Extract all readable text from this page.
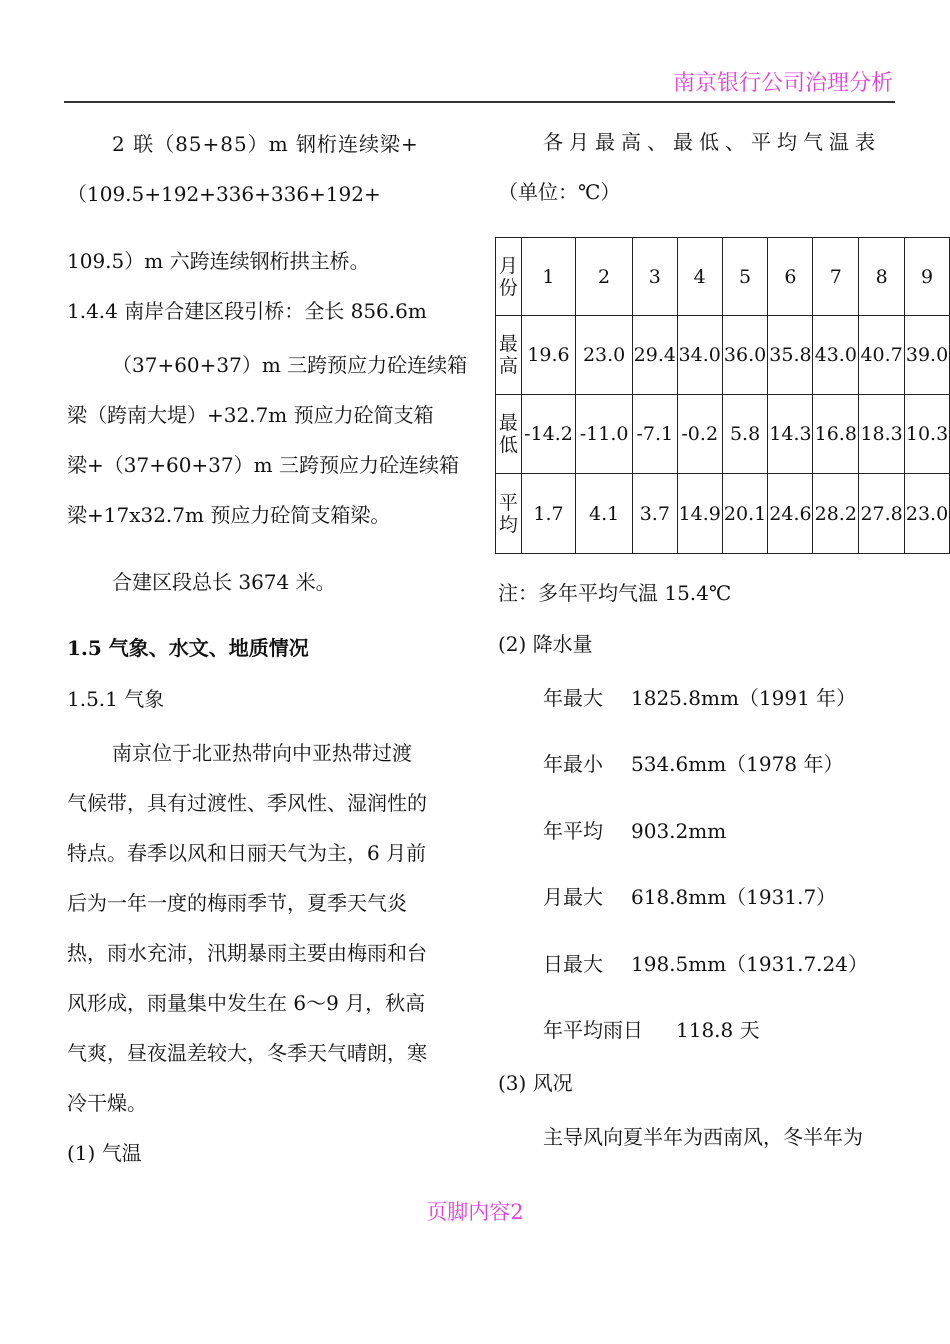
南京银行公司治理分析
2 联（85+85）m 钢桁连续梁+
（109.5+192+336+336+192+
109.5）m 六跨连续钢桁拱主桥。
1.4.4 南岸合建区段引桥：全长 856.6m
（37+60+37）m 三跨预应力砼连续箱
梁（跨南大堤）+32.7m 预应力砼简支箱
梁+（37+60+37）m 三跨预应力砼连续箱
梁+17x32.7m 预应力砼简支箱梁。
合建区段总长 3674 米。
1.5 气象、水文、地质情况
1.5.1 气象
南京位于北亚热带向中亚热带过渡
气候带，具有过渡性、季风性、湿润性的
特点。春季以风和日丽天气为主，6 月前
后为一年一度的梅雨季节，夏季天气炎
热，雨水充沛，汛期暴雨主要由梅雨和台
风形成，雨量集中发生在 6～9 月，秋高
气爽，昼夜温差较大，冬季天气晴朗，寒
冷干燥。
(1) 气温
各月最高、最低、平均气温表
（单位：℃）
月份	1	2	3	4	5	6	7	8	9
最高	19.6	23.0	29.4	34.0	36.0	35.8	43.0	40.7	39.0
最低	-14.2	-11.0	-7.1	-0.2	5.8	14.3	16.8	18.3	10.3
平均	1.7	4.1	3.7	14.9	20.1	24.6	28.2	27.8	23.0
注：多年平均气温 15.4℃
(2) 降水量
年最大 1825.8mm（1991 年）
年最小 534.6mm（1978 年）
年平均 903.2mm
月最大 618.8mm（1931.7）
日最大 198.5mm（1931.7.24）
年平均雨日 118.8 天
(3) 风况
主导风向夏半年为西南风，冬半年为
页脚内容2
